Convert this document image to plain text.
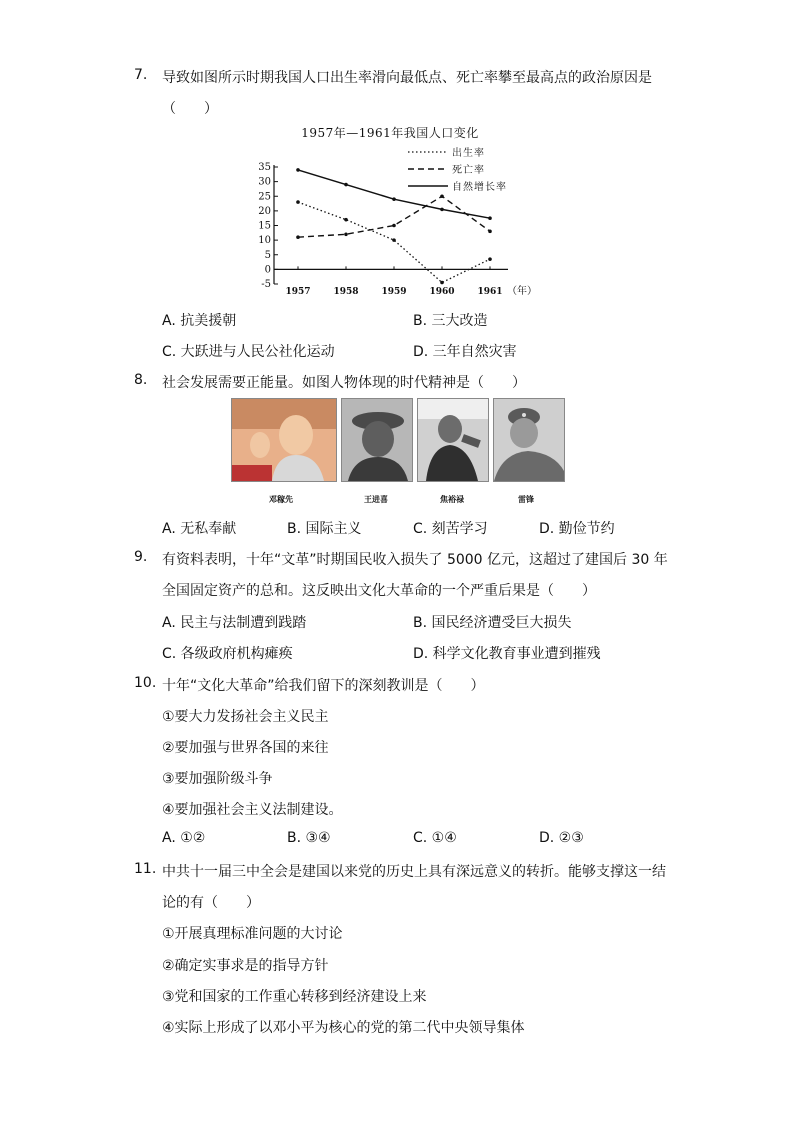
7. 导致如图所示时期我国人口出生率滑向最低点、死亡率攀至最高点的政治原因是
（　　）
1957年—1961年我国人口变化
-5
0
5
10
15
20
25
30
35
1957	1958	1959	1960	1961 （年）
出生率
死亡率
自然增长率
A. 抗美援朝	B. 三大改造
C. 大跃进与人民公社化运动	D. 三年自然灾害
8. 社会发展需要正能量。如图人物体现的时代精神是（　　）
邓稼先	王进喜	焦裕禄	雷锋
A. 无私奉献	B. 国际主义	C. 刻苦学习	D. 勤俭节约
9. 有资料表明，十年“文革”时期国民收入损失了 5000 亿元，这超过了建国后 30 年
全国固定资产的总和。这反映出文化大革命的一个严重后果是（　　）
A. 民主与法制遭到践踏	B. 国民经济遭受巨大损失
C. 各级政府机构瘫痪	D. 科学文化教育事业遭到摧残
10. 十年“文化大革命”给我们留下的深刻教训是（　　）
①要大力发扬社会主义民主
②要加强与世界各国的来往
③要加强阶级斗争
④要加强社会主义法制建设。
A. ①②	B. ③④	C. ①④	D. ②③
11. 中共十一届三中全会是建国以来党的历史上具有深远意义的转折。能够支撑这一结
论的有（　　）
①开展真理标准问题的大讨论
②确定实事求是的指导方针
③党和国家的工作重心转移到经济建设上来
④实际上形成了以邓小平为核心的党的第二代中央领导集体
